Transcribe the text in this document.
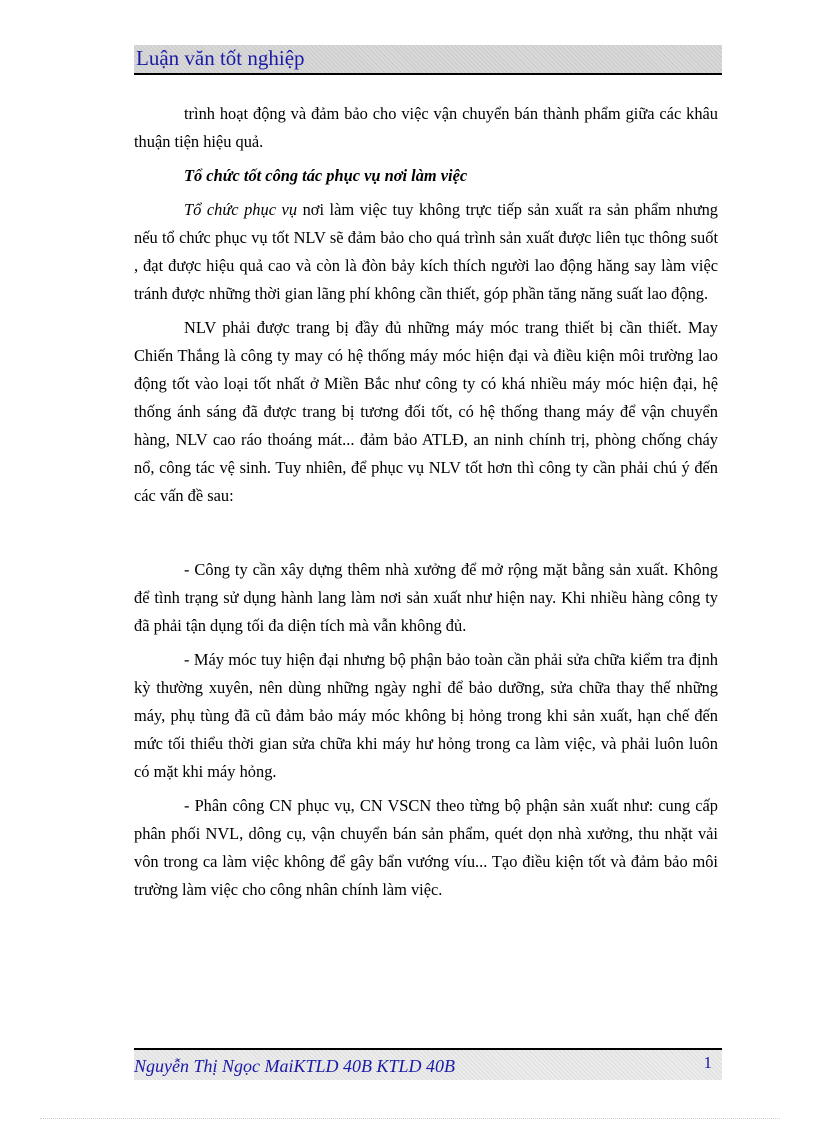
Luận văn tốt nghiệp

trình hoạt động và đảm bảo cho việc vận chuyển bán thành phẩm giữa các khâu thuận tiện hiệu quả.

Tổ chức tốt công tác phục vụ nơi làm việc

Tổ chức phục vụ nơi làm việc tuy không trực tiếp sản xuất ra sản phẩm nhưng nếu tổ chức phục vụ tốt NLV sẽ đảm bảo cho quá trình sản xuất được liên tục thông suốt , đạt được hiệu quả cao và còn là đòn bảy kích thích người lao động hăng say làm việc tránh được những thời gian lãng phí không cần thiết, góp phần tăng năng suất lao động.

NLV phải được trang bị đầy đủ những máy móc trang thiết bị cần thiết. May Chiến Thắng là công ty may có hệ thống máy móc hiện đại và điều kiện môi trường lao động tốt vào loại tốt nhất ở Miền Bắc như công ty có khá nhiều máy móc hiện đại, hệ thống ánh sáng đã được trang bị tương đối tốt, có hệ thống thang máy để vận chuyển hàng, NLV cao ráo thoáng mát... đảm bảo ATLĐ, an ninh chính trị, phòng chống cháy nổ, công tác vệ sinh. Tuy nhiên, để phục vụ NLV tốt hơn thì công ty cần phải chú ý đến các vấn đề sau:

- Công ty cần xây dựng thêm nhà xưởng để mở rộng mặt bằng sản xuất. Không để tình trạng sử dụng hành lang làm nơi sản xuất như hiện nay. Khi nhiều hàng công ty đã phải tận dụng tối đa diện tích mà vẫn không đủ.

- Máy móc tuy hiện đại nhưng bộ phận bảo toàn cần phải sửa chữa kiểm tra định kỳ thường xuyên, nên dùng những ngày nghỉ để bảo dưỡng, sửa chữa thay thế những máy, phụ tùng đã cũ đảm bảo máy móc không bị hỏng trong khi sản xuất, hạn chế đến mức tối thiểu thời gian sửa chữa khi máy hư hỏng trong ca làm việc, và phải luôn luôn có mặt khi máy hỏng.

- Phân công CN phục vụ, CN VSCN theo từng bộ phận sản xuất như: cung cấp phân phối NVL, dông cụ, vận chuyển bán sản phẩm, quét dọn nhà xưởng, thu nhặt vải vôn trong ca làm việc không để gây bẩn vướng víu... Tạo điều kiện tốt và đảm bảo môi trường làm việc cho công nhân chính làm việc.

Nguyễn Thị Ngọc MaiKTLD 40B KTLD 40B	1
